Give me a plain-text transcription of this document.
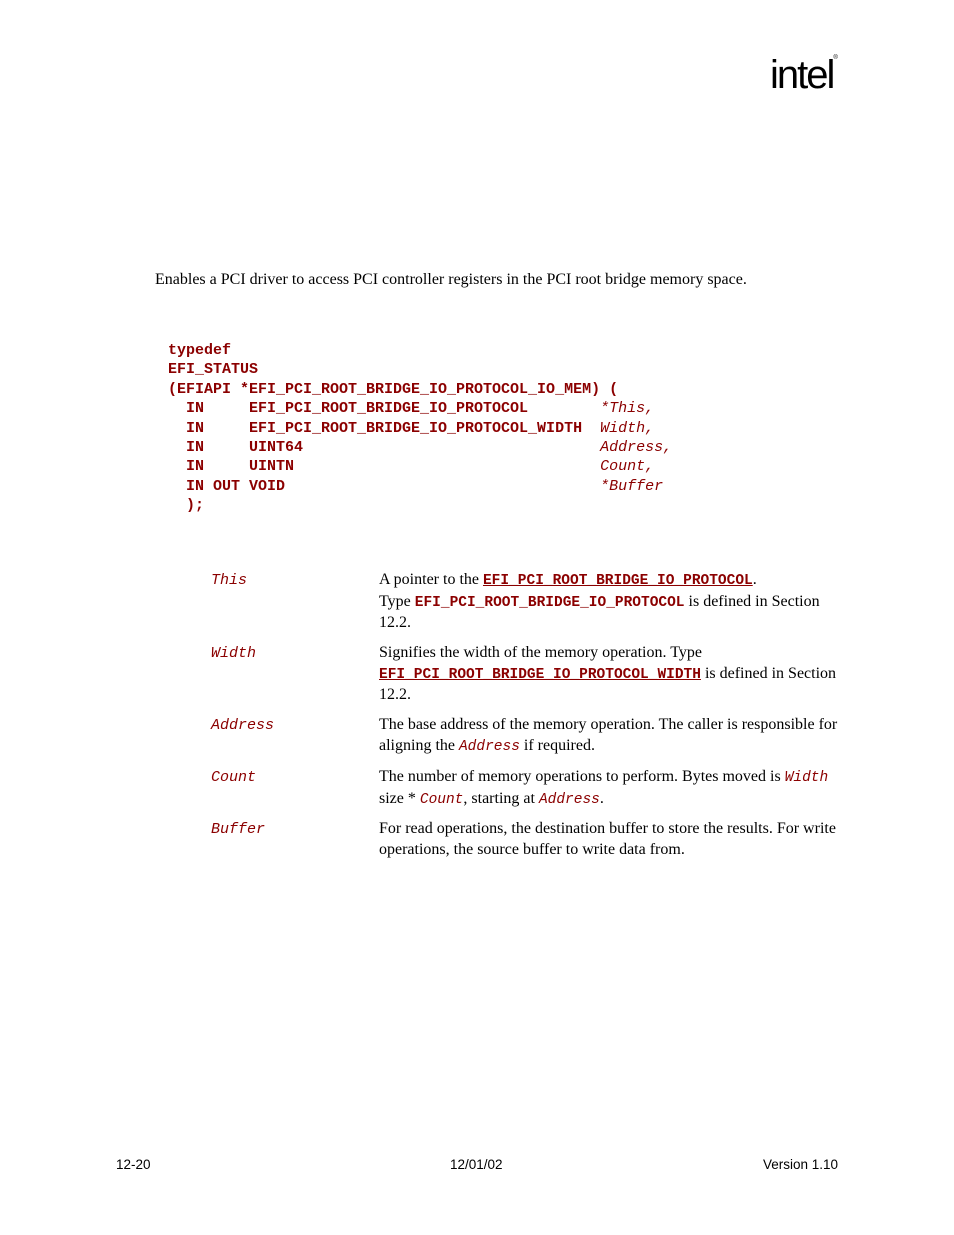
intel®
Enables a PCI driver to access PCI controller registers in the PCI root bridge memory space.
typedef
EFI_STATUS
(EFIAPI *EFI_PCI_ROOT_BRIDGE_IO_PROTOCOL_IO_MEM) (
IN     EFI_PCI_ROOT_BRIDGE_IO_PROTOCOL        *This,
IN     EFI_PCI_ROOT_BRIDGE_IO_PROTOCOL_WIDTH  Width,
IN     UINT64                                 Address,
IN     UINTN                                  Count,
IN OUT VOID                                   *Buffer
);
This	A pointer to the EFI_PCI_ROOT_BRIDGE_IO_PROTOCOL.
Type EFI_PCI_ROOT_BRIDGE_IO_PROTOCOL is defined in Section 12.2.
Width	Signifies the width of the memory operation. Type EFI_PCI_ROOT_BRIDGE_IO_PROTOCOL_WIDTH is defined in Section 12.2.
Address	The base address of the memory operation. The caller is responsible for aligning the Address if required.
Count	The number of memory operations to perform. Bytes moved is Width size * Count, starting at Address.
Buffer	For read operations, the destination buffer to store the results. For write operations, the source buffer to write data from.
12-20	12/01/02	Version 1.10
